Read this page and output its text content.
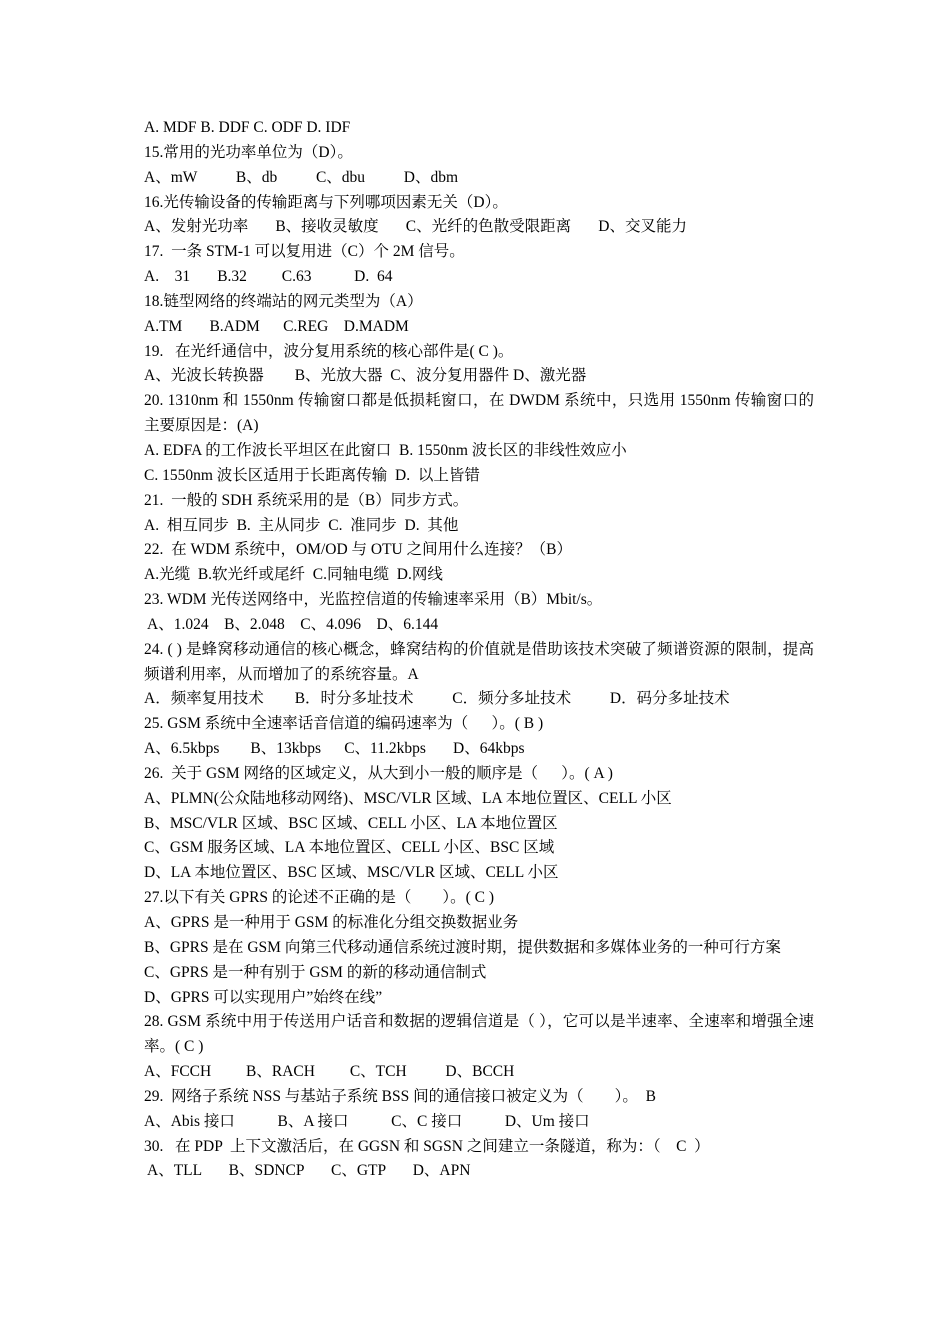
A. MDF B. DDF C. ODF D. IDF
15.常用的光功率单位为（D）。
A、mW          B、db          C、dbu          D、dbm
16.光传输设备的传输距离与下列哪项因素无关（D）。
A、发射光功率       B、接收灵敏度       C、光纤的色散受限距离       D、交叉能力
17.  一条 STM-1 可以复用进（C）个 2M 信号。
A.    31       B.32         C.63           D.  64
18.链型网络的终端站的网元类型为（A）
A.TM       B.ADM      C.REG    D.MADM
19.   在光纤通信中，波分复用系统的核心部件是( C )。
A、光波长转换器        B、光放大器  C、波分复用器件 D、激光器
20. 1310nm 和 1550nm 传输窗口都是低损耗窗口，在 DWDM 系统中，只选用 1550nm 传输窗口的主要原因是：(A)
A. EDFA 的工作波长平坦区在此窗口  B. 1550nm 波长区的非线性效应小
C. 1550nm 波长区适用于长距离传输  D.  以上皆错
21.  一般的 SDH 系统采用的是（B）同步方式。
A.  相互同步  B.  主从同步  C.  准同步  D.  其他
22.  在 WDM 系统中，OM/OD 与 OTU 之间用什么连接？（B）
A.光缆  B.软光纤或尾纤  C.同轴电缆  D.网线
23. WDM 光传送网络中，光监控信道的传输速率采用（B）Mbit/s。
A、1.024    B、2.048    C、4.096    D、6.144
24. ( ) 是蜂窝移动通信的核心概念，蜂窝结构的价值就是借助该技术突破了频谱资源的限制，提高频谱利用率，从而增加了的系统容量。A
A．频率复用技术        B．时分多址技术          C．频分多址技术          D．码分多址技术
25. GSM 系统中全速率话音信道的编码速率为（      ）。( B )
A、6.5kbps        B、13kbps      C、11.2kbps       D、64kbps
26.  关于 GSM 网络的区域定义，从大到小一般的顺序是（      ）。( A )
A、PLMN(公众陆地移动网络)、MSC/VLR 区域、LA 本地位置区、CELL 小区
B、MSC/VLR 区域、BSC 区域、CELL 小区、LA 本地位置区
C、GSM 服务区域、LA 本地位置区、CELL 小区、BSC 区域
D、LA 本地位置区、BSC 区域、MSC/VLR 区域、CELL 小区
27.以下有关 GPRS 的论述不正确的是（        ）。( C )
A、GPRS 是一种用于 GSM 的标准化分组交换数据业务
B、GPRS 是在 GSM 向第三代移动通信系统过渡时期，提供数据和多媒体业务的一种可行方案
C、GPRS 是一种有别于 GSM 的新的移动通信制式
D、GPRS 可以实现用户”始终在线”
28. GSM 系统中用于传送用户话音和数据的逻辑信道是（ ），它可以是半速率、全速率和增强全速率。( C )
A、FCCH         B、RACH         C、TCH          D、BCCH
29.  网络子系统 NSS 与基站子系统 BSS 间的通信接口被定义为（        ）。  B
A、Abis 接口           B、A 接口           C、C 接口           D、Um 接口
30.   在 PDP  上下文激活后，在 GGSN 和 SGSN 之间建立一条隧道，称为：（    C  ）
A、TLL       B、SDNCP       C、GTP       D、APN
